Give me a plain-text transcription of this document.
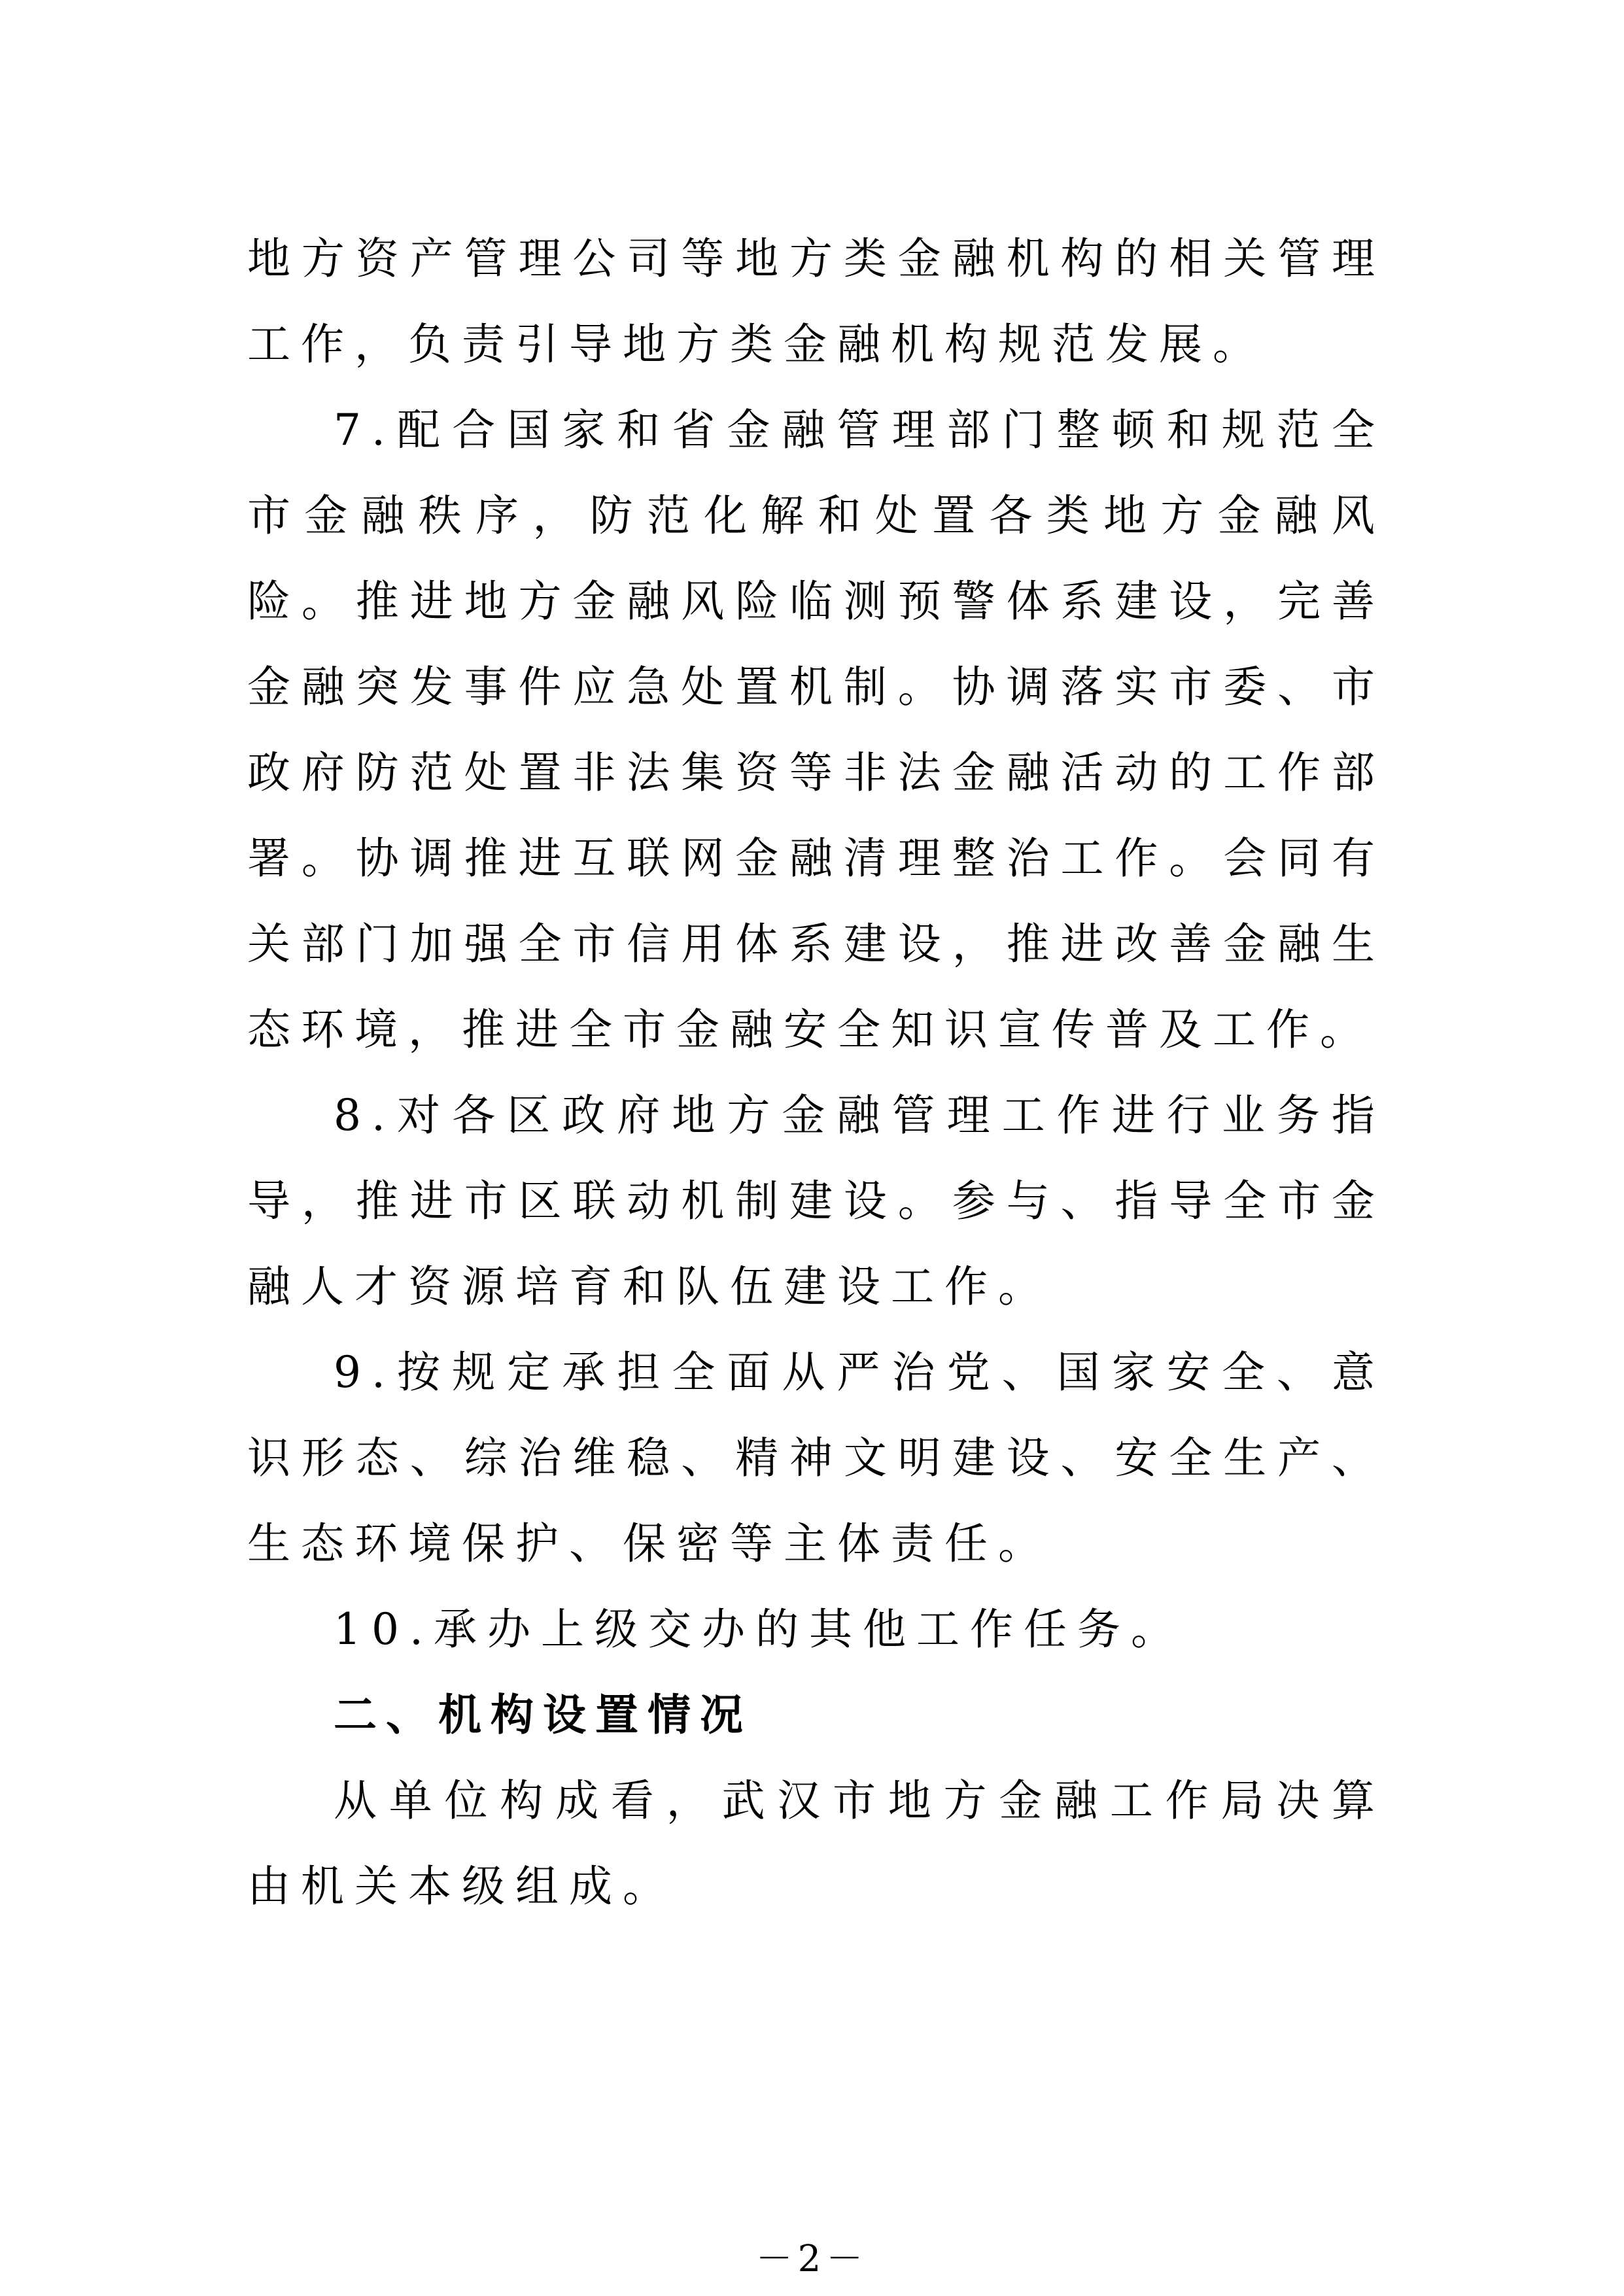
地方资产管理公司等地方类金融机构的相关管理工作，负责引导地方类金融机构规范发展。

7.配合国家和省金融管理部门整顿和规范全市金融秩序，防范化解和处置各类地方金融风险。推进地方金融风险临测预警体系建设，完善金融突发事件应急处置机制。协调落实市委、市政府防范处置非法集资等非法金融活动的工作部署。协调推进互联网金融清理整治工作。会同有关部门加强全市信用体系建设，推进改善金融生态环境，推进全市金融安全知识宣传普及工作。

8.对各区政府地方金融管理工作进行业务指导，推进市区联动机制建设。参与、指导全市金融人才资源培育和队伍建设工作。

9.按规定承担全面从严治党、国家安全、意识形态、综治维稳、精神文明建设、安全生产、生态环境保护、保密等主体责任。

10.承办上级交办的其他工作任务。

二、机构设置情况

从单位构成看，武汉市地方金融工作局决算由机关本级组成。

－2－
